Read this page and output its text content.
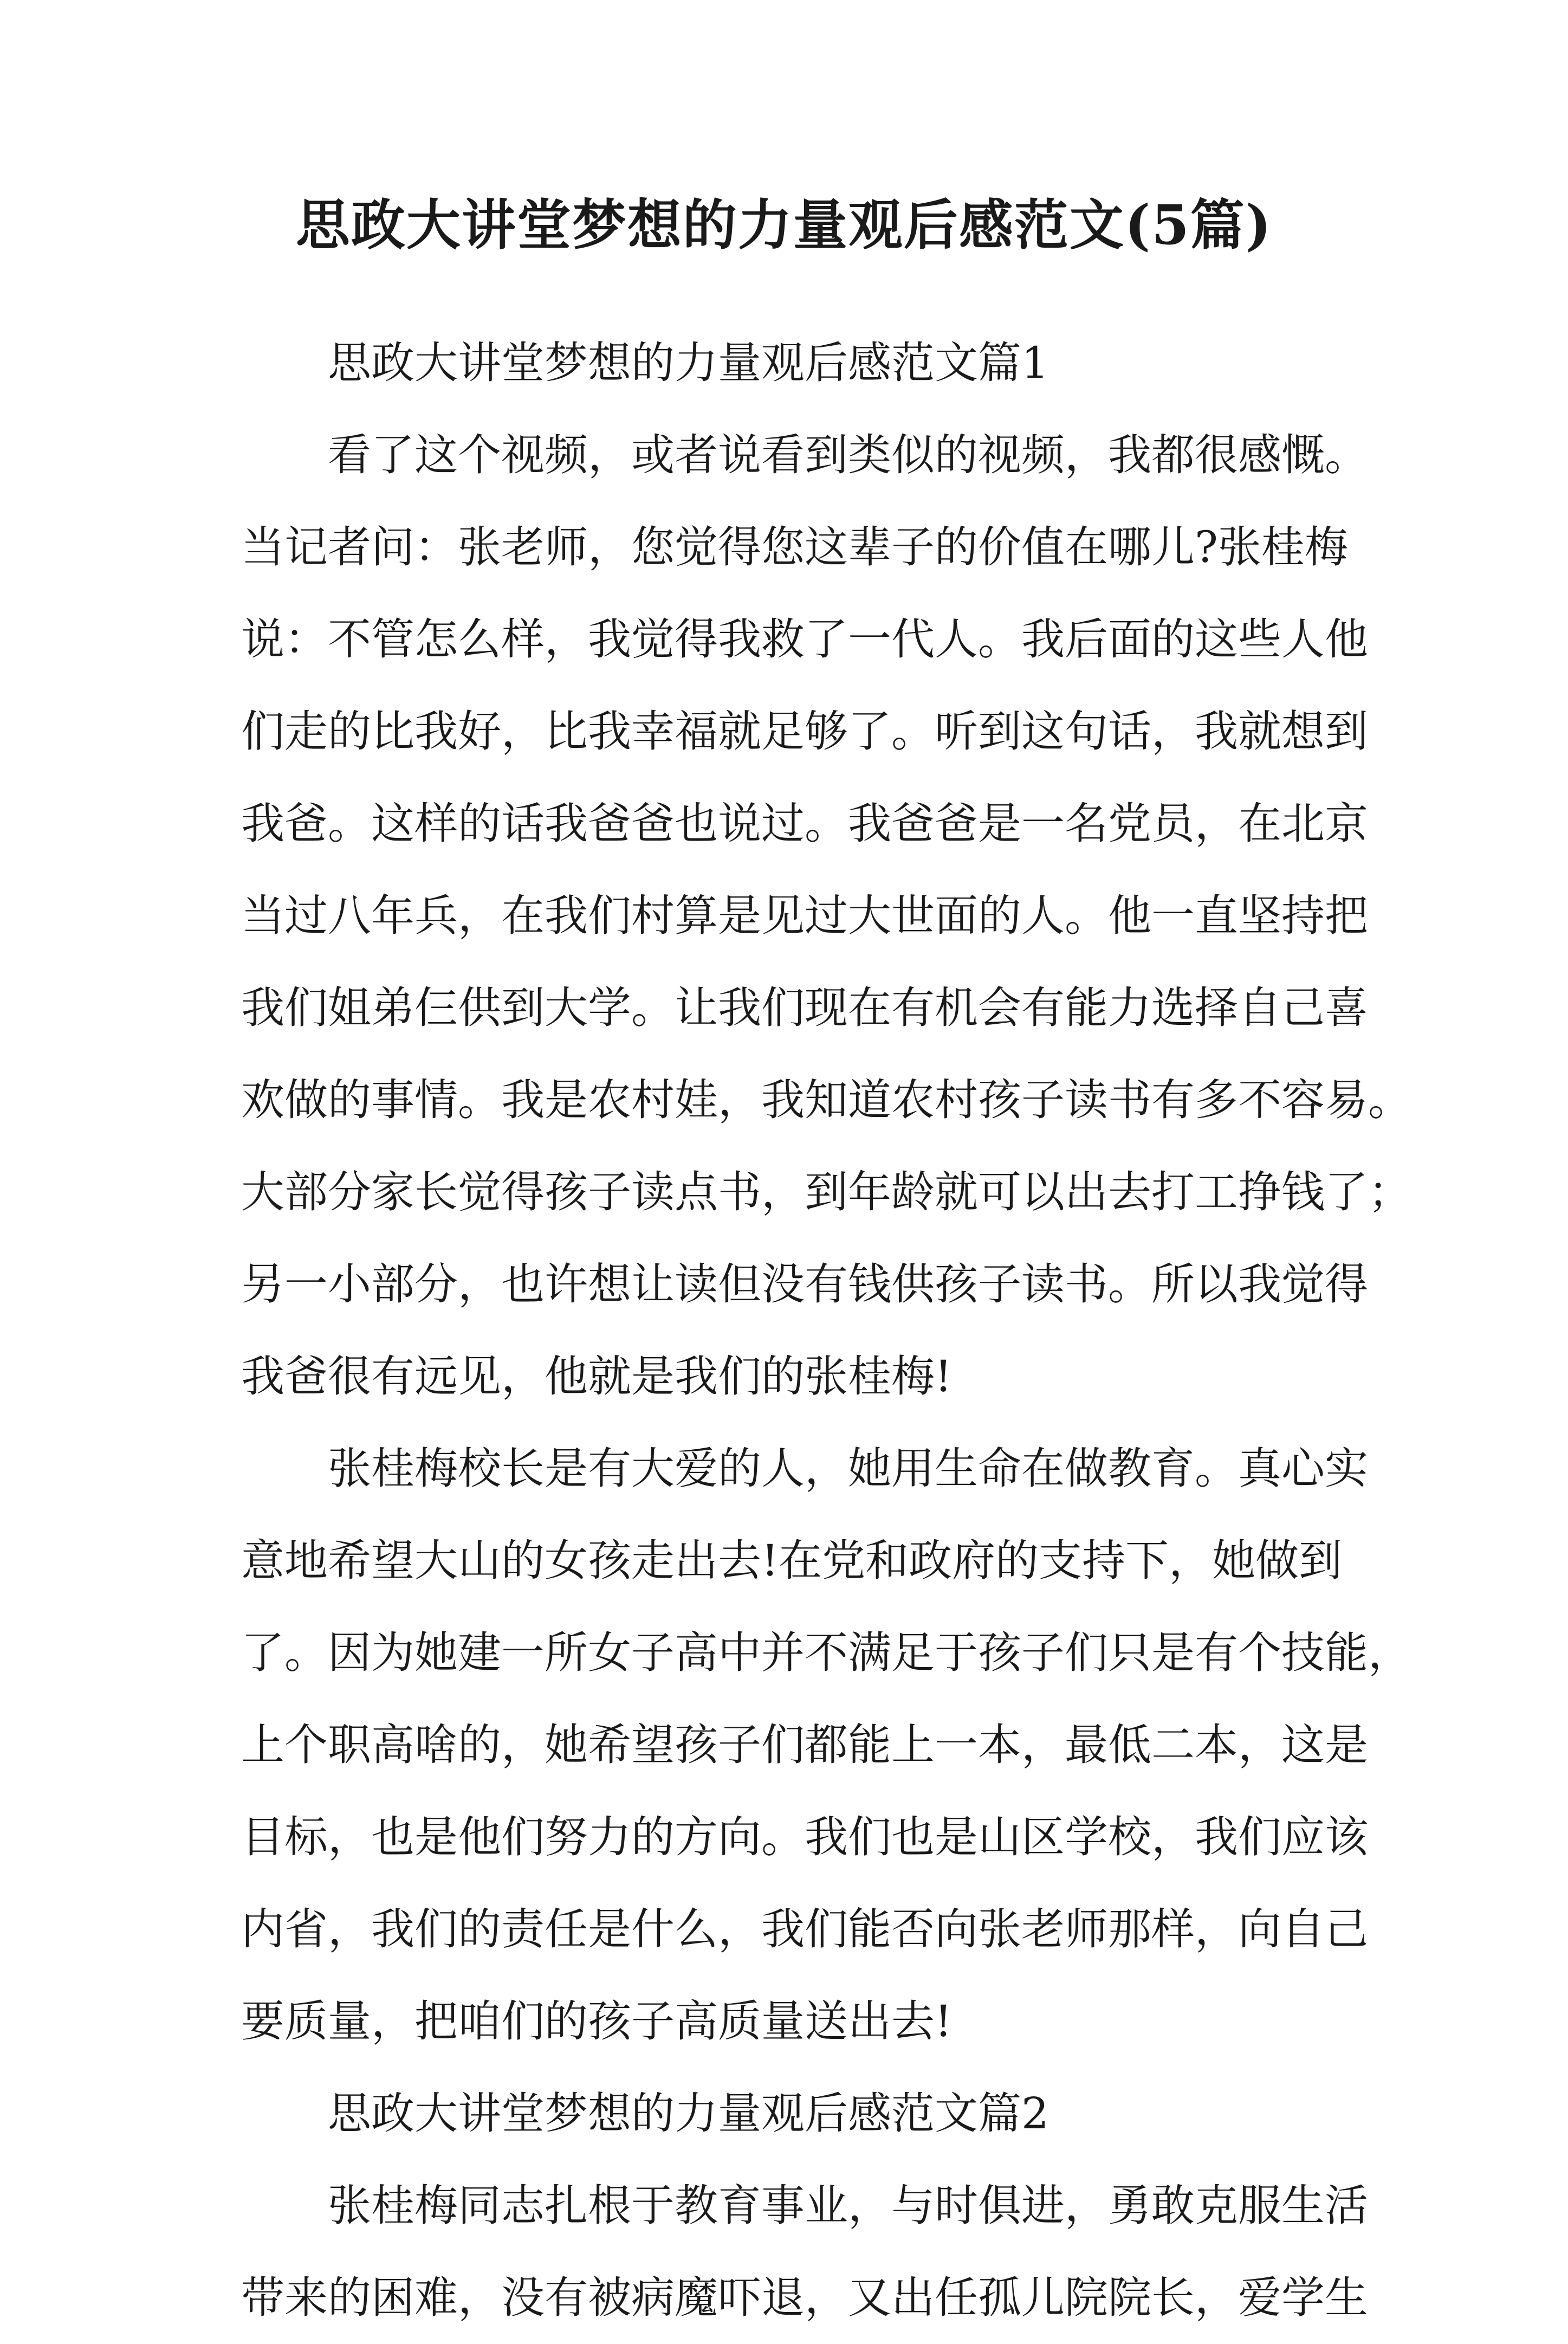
思政大讲堂梦想的力量观后感范文(5篇)
思政大讲堂梦想的力量观后感范文篇1
看了这个视频，或者说看到类似的视频，我都很感慨。
当记者问：张老师，您觉得您这辈子的价值在哪儿?张桂梅
说：不管怎么样，我觉得我救了一代人。我后面的这些人他
们走的比我好，比我幸福就足够了。听到这句话，我就想到
我爸。这样的话我爸爸也说过。我爸爸是一名党员，在北京
当过八年兵，在我们村算是见过大世面的人。他一直坚持把
我们姐弟仨供到大学。让我们现在有机会有能力选择自己喜
欢做的事情。我是农村娃，我知道农村孩子读书有多不容易。
大部分家长觉得孩子读点书，到年龄就可以出去打工挣钱了；
另一小部分，也许想让读但没有钱供孩子读书。所以我觉得
我爸很有远见，他就是我们的张桂梅!
张桂梅校长是有大爱的人，她用生命在做教育。真心实
意地希望大山的女孩走出去!在党和政府的支持下，她做到
了。因为她建一所女子高中并不满足于孩子们只是有个技能，
上个职高啥的，她希望孩子们都能上一本，最低二本，这是
目标，也是他们努力的方向。我们也是山区学校，我们应该
内省，我们的责任是什么，我们能否向张老师那样，向自己
要质量，把咱们的孩子高质量送出去!
思政大讲堂梦想的力量观后感范文篇2
张桂梅同志扎根于教育事业，与时俱进，勇敢克服生活
带来的困难，没有被病魔吓退，又出任孤儿院院长，爱学生
